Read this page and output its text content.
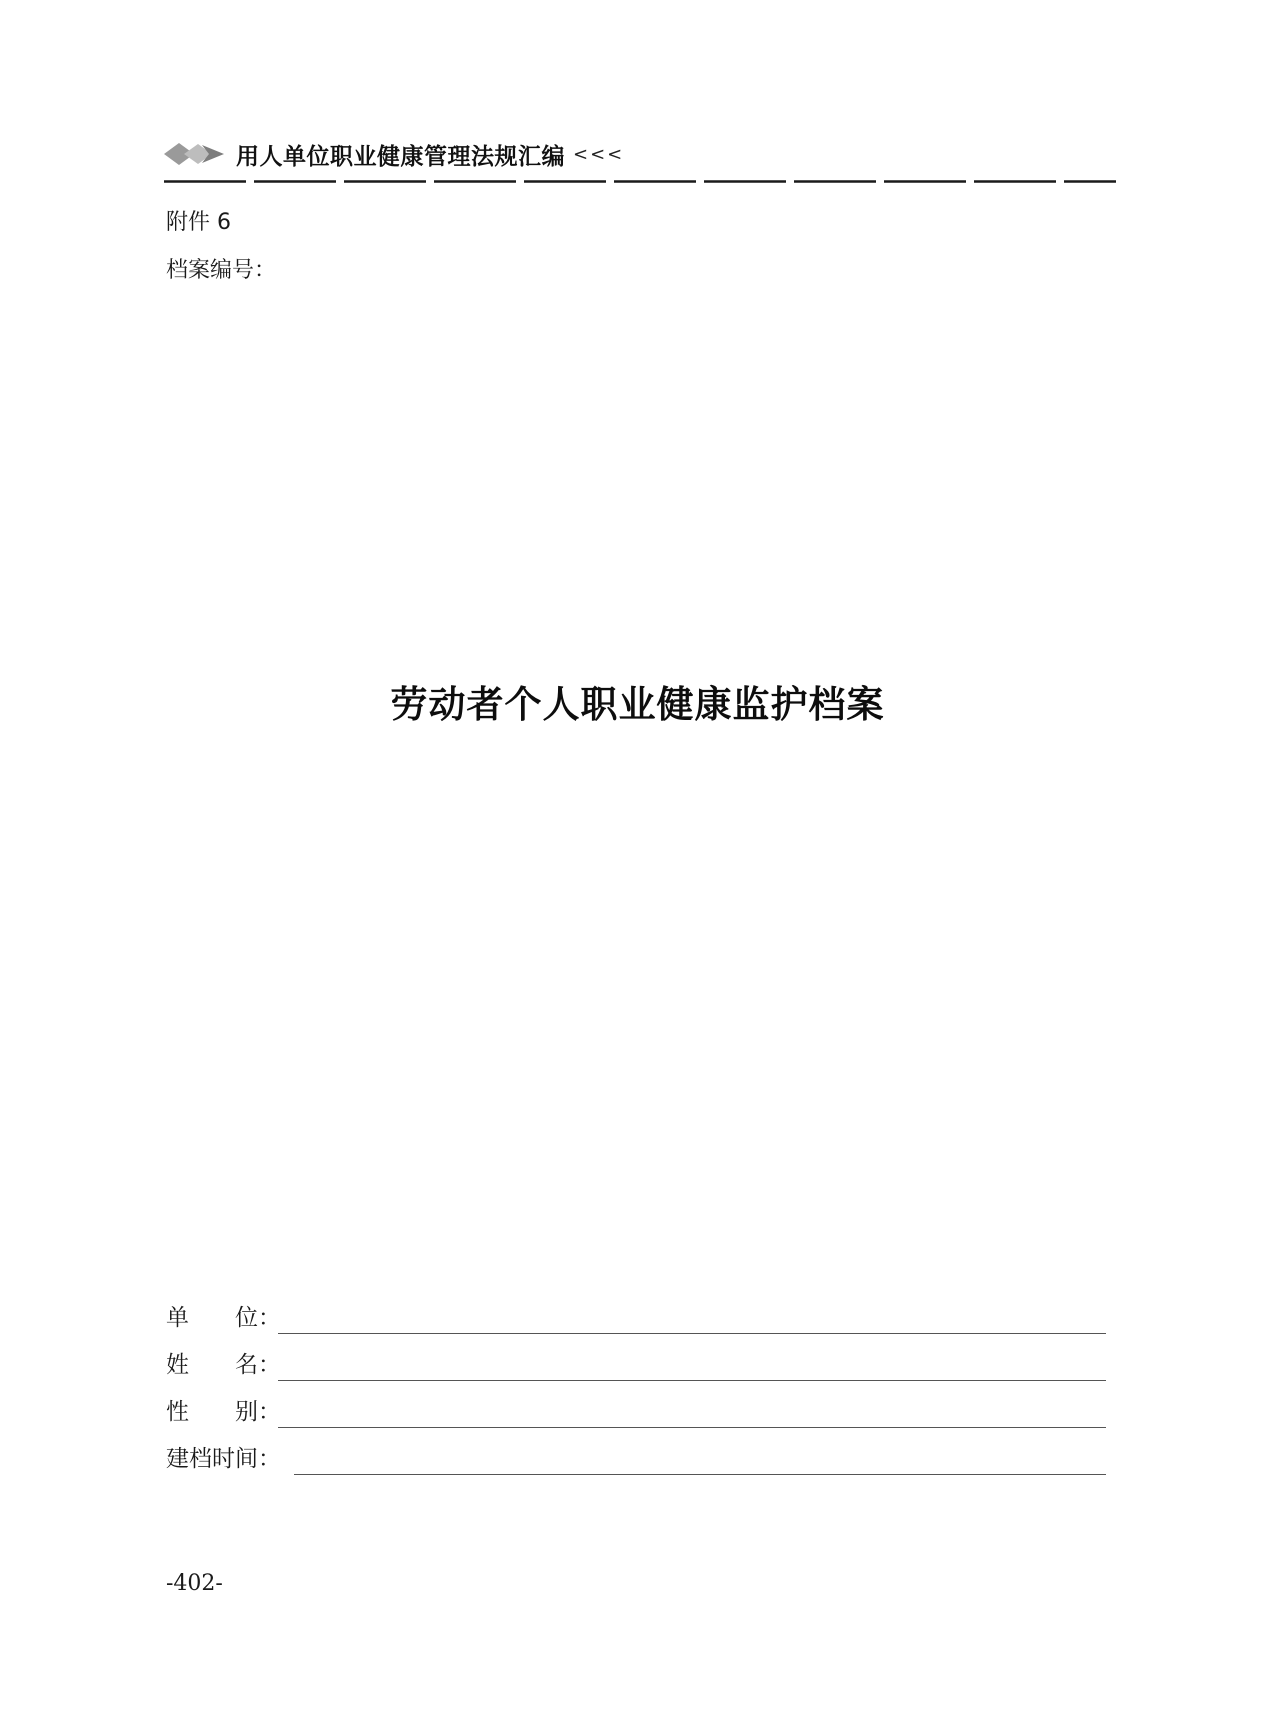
用人单位职业健康管理法规汇编 <<<
附件 6
档案编号：
劳动者个人职业健康监护档案
单　　位：
姓　　名：
性　　别：
建档时间：
-402-
